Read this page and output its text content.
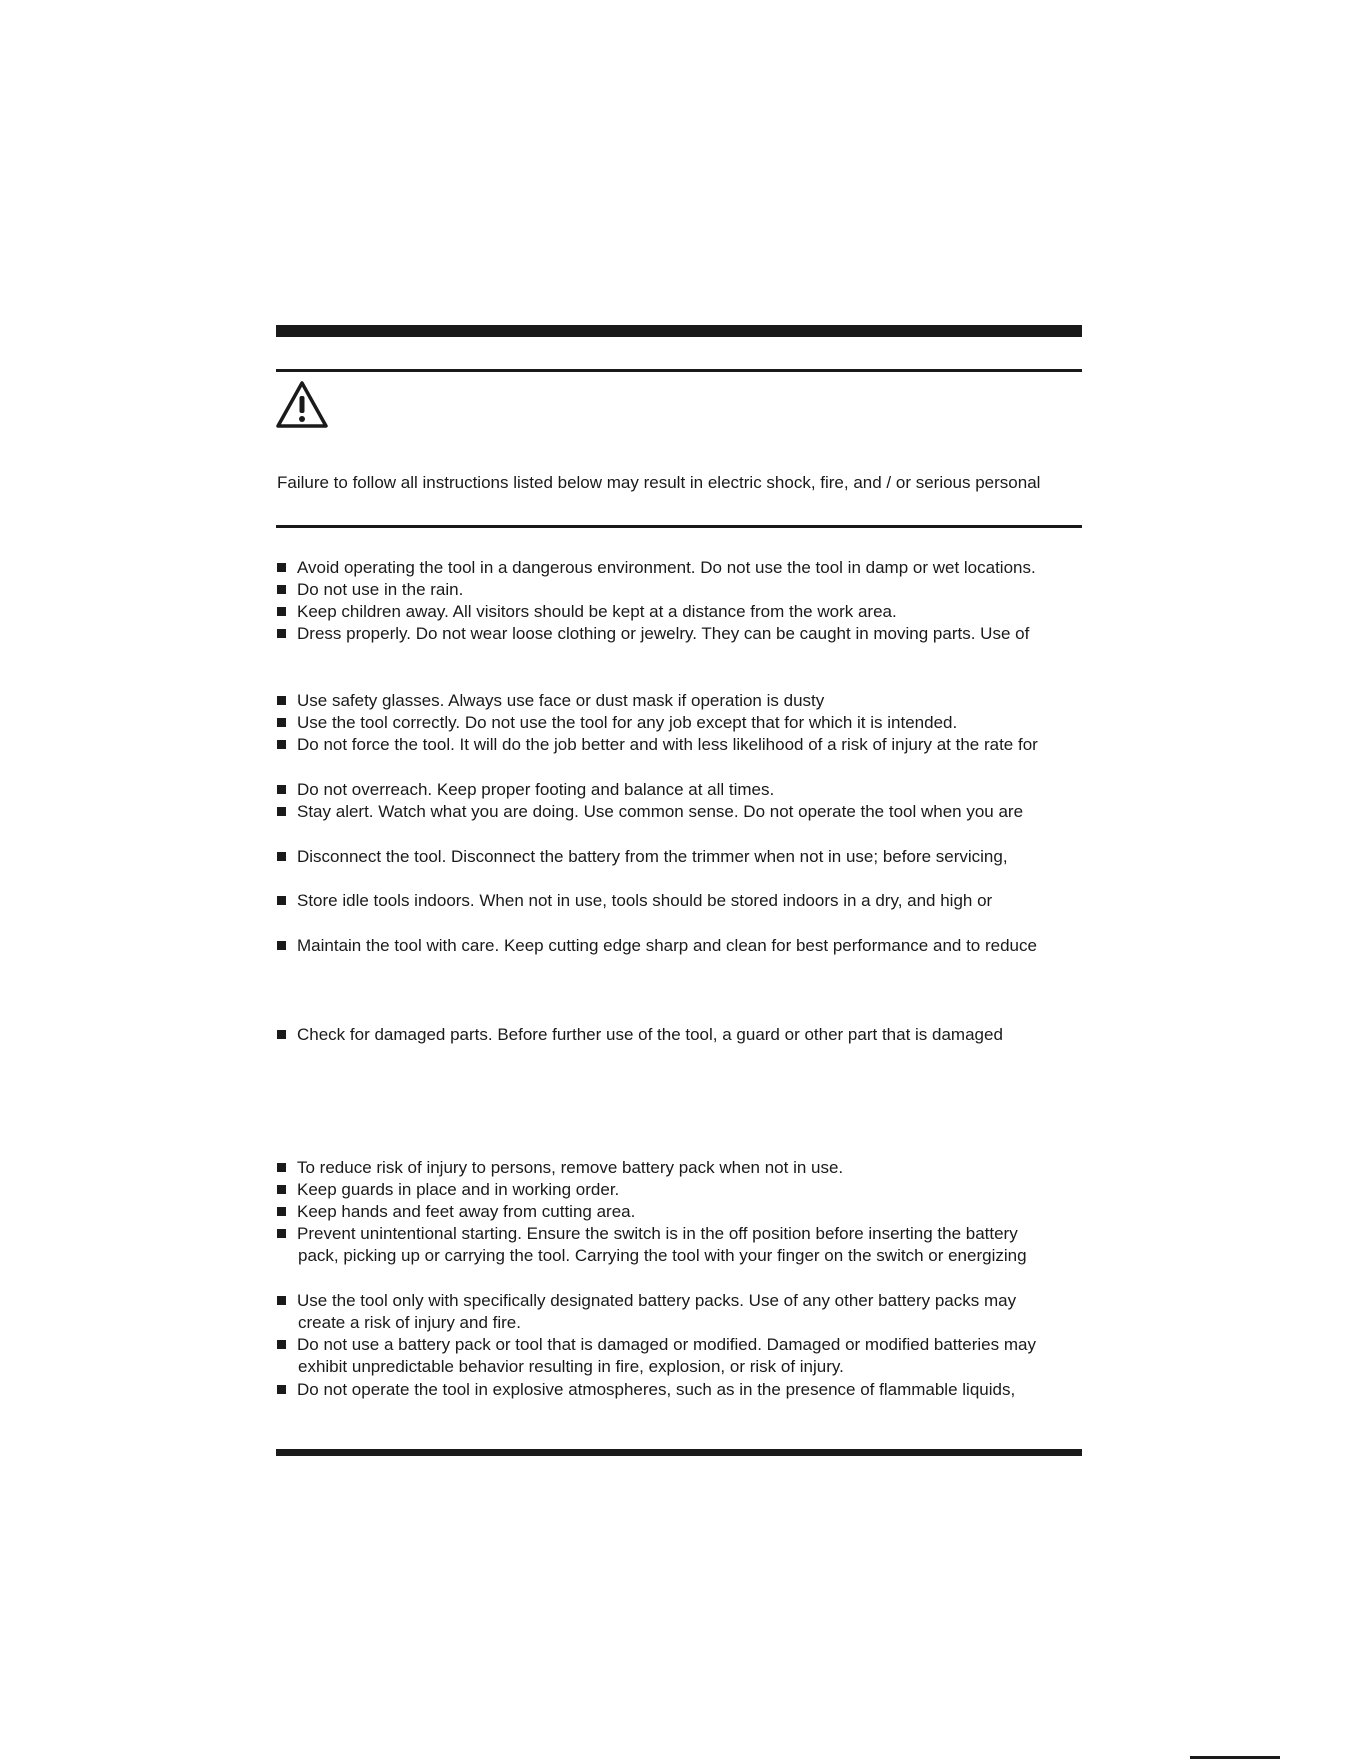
Failure to follow all instructions listed below may result in electric shock, fire, and / or serious personal
Avoid operating the tool in a dangerous environment. Do not use the tool in damp or wet locations.
Do not use in the rain.
Keep children away. All visitors should be kept at a distance from the work area.
Dress properly. Do not wear loose clothing or jewelry. They can be caught in moving parts. Use of
Use safety glasses. Always use face or dust mask if operation is dusty
Use the tool correctly. Do not use the tool for any job except that for which it is intended.
Do not force the tool. It will do the job better and with less likelihood of a risk of injury at the rate for
Do not overreach. Keep proper footing and balance at all times.
Stay alert. Watch what you are doing. Use common sense. Do not operate the tool when you are
Disconnect the tool. Disconnect the battery from the trimmer when not in use; before servicing,
Store idle tools indoors. When not in use, tools should be stored indoors in a dry, and high or
Maintain the tool with care. Keep cutting edge sharp and clean for best performance and to reduce
Check for damaged parts. Before further use of the tool, a guard or other part that is damaged
To reduce risk of injury to persons, remove battery pack when not in use.
Keep guards in place and in working order.
Keep hands and feet away from cutting area.
Prevent unintentional starting. Ensure the switch is in the off position before inserting the battery
pack, picking up or carrying the tool. Carrying the tool with your finger on the switch or energizing
Use the tool only with specifically designated battery packs. Use of any other battery packs may
create a risk of injury and fire.
Do not use a battery pack or tool that is damaged or modified. Damaged or modified batteries may
exhibit unpredictable behavior resulting in fire, explosion, or risk of injury.
Do not operate the tool in explosive atmospheres, such as in the presence of flammable liquids,
